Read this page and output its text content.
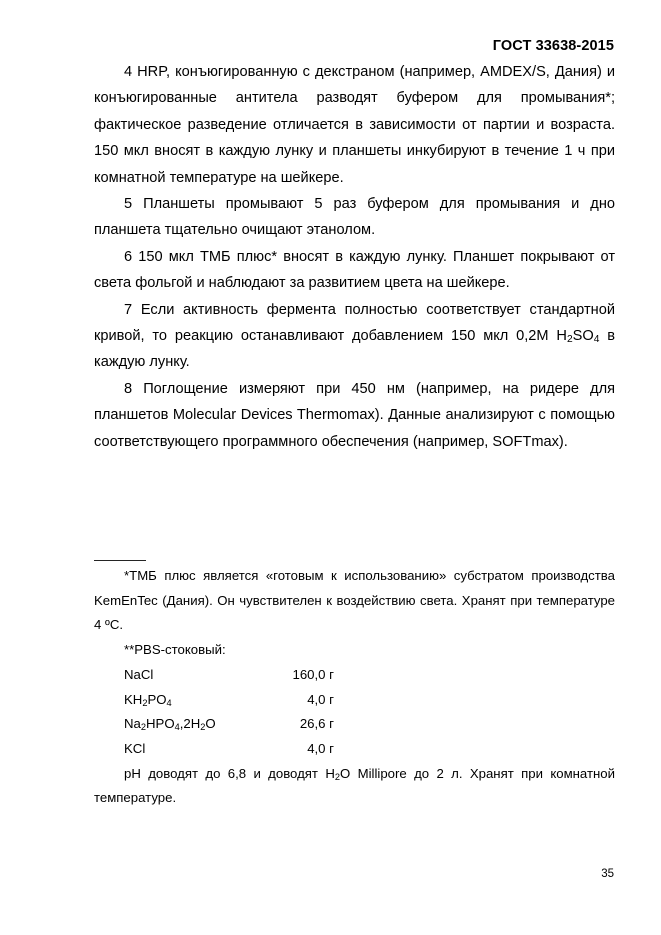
ГОСТ 33638-2015

4 HRP, конъюгированную с декстраном (например, AMDEX/S, Дания) и конъюгированные антитела разводят буфером для промывания*; фактическое разведение отличается в зависимости от партии и возраста. 150 мкл вносят в каждую лунку и планшеты инкубируют в течение 1 ч при комнатной температуре на шейкере.

5 Планшеты промывают 5 раз буфером для промывания и дно планшета тщательно очищают этанолом.

6 150 мкл ТМБ плюс* вносят в каждую лунку. Планшет покрывают от света фольгой и наблюдают за развитием цвета на шейкере.

7 Если активность фермента полностью соответствует стандартной кривой, то реакцию останавливают добавлением 150 мкл 0,2М $H_2SO_4$ в каждую лунку.

8 Поглощение измеряют при 450 нм (например, на ридере для планшетов Molecular Devices Thermomax). Данные анализируют с помощью соответствующего программного обеспечения (например, SOFTmax).

————

*ТМБ плюс является «готовым к использованию» субстратом производства KemEnTec (Дания). Он чувствителен к воздействию света. Хранят при температуре 4 ºC.

**PBS-стоковый:

NaCl	160,0 г
$KH_2PO_4$	4,0 г
$Na_2HPO_4,2H_2O$	26,6 г
KCl	4,0 г

pH доводят до 6,8 и доводят $H_2O$ Millipore до 2 л. Хранят при комнатной температуре.

35
